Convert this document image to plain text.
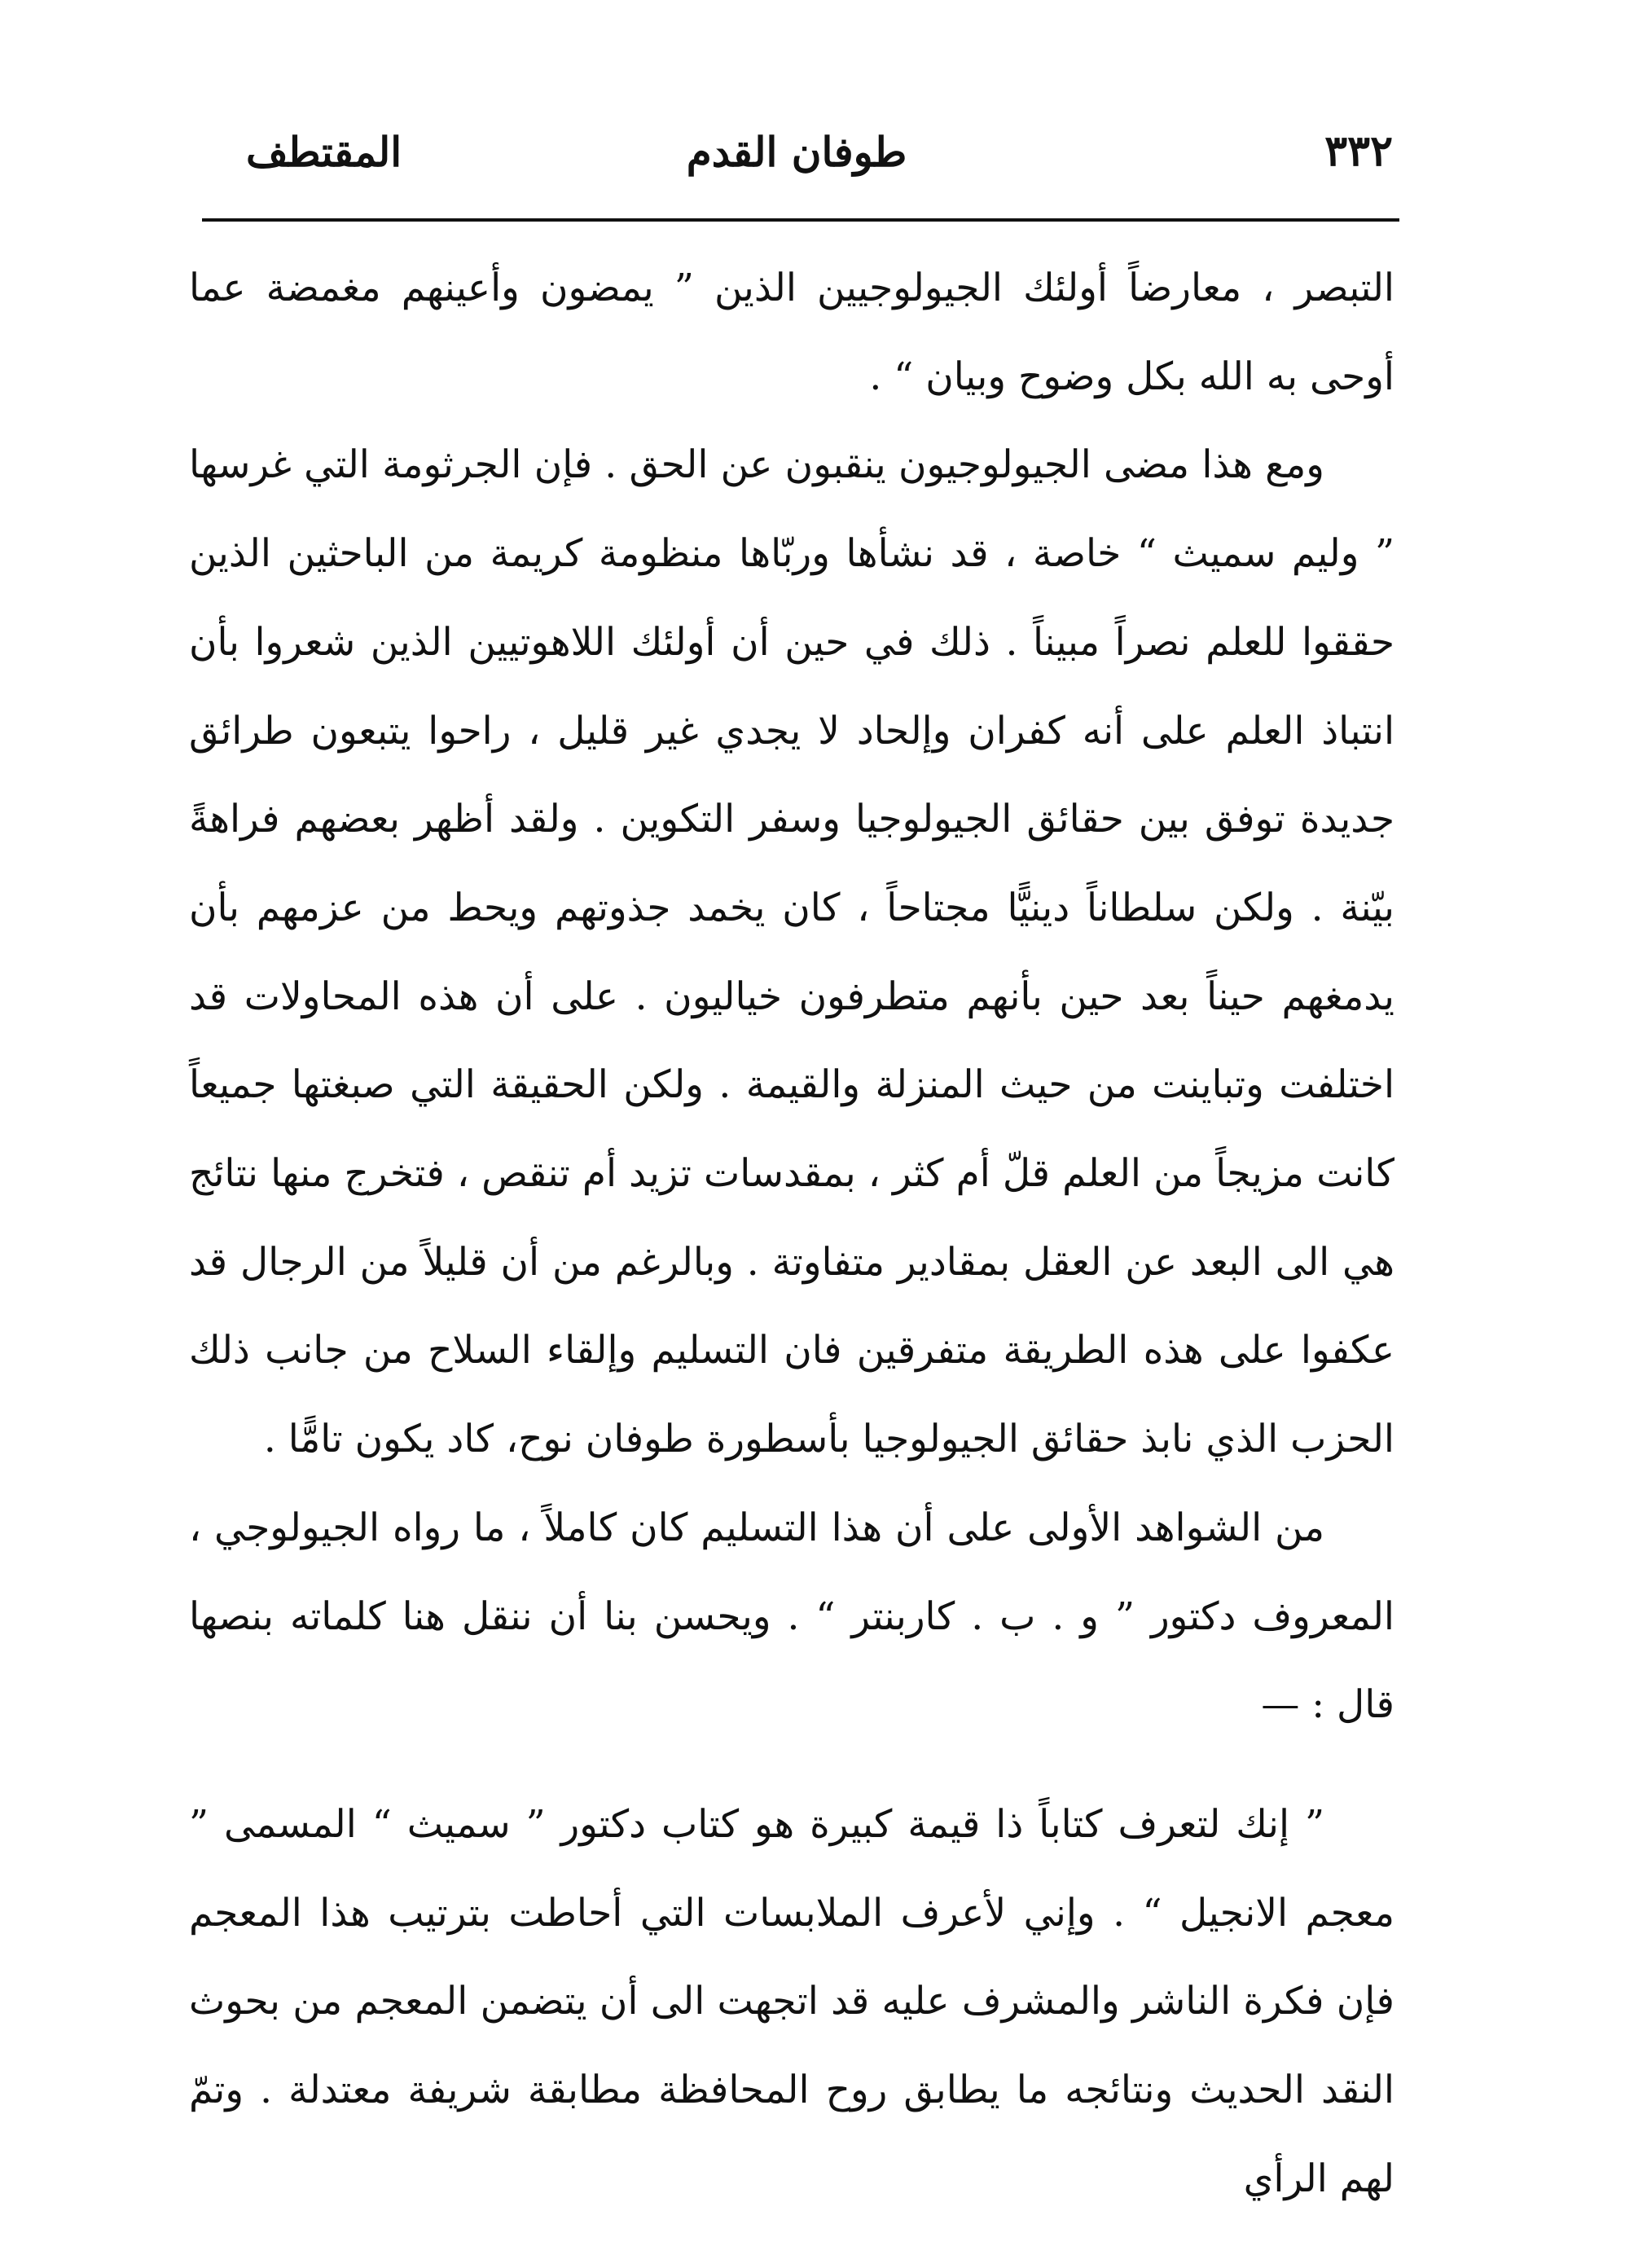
٣٣٢
طوفان القدم
المقتطف

التبصر ، معارضاً أولئك الجيولوجيين الذين ” يمضون وأعينهم مغمضة عما أوحى به الله بكل وضوح وبيان “ .

ومع هذا مضى الجيولوجيون ينقبون عن الحق . فإن الجرثومة التي غرسها ” وليم سميث “ خاصة ، قد نشأها وربّاها منظومة كريمة من الباحثين الذين حققوا للعلم نصراً مبيناً . ذلك في حين أن أولئك اللاهوتيين الذين شعروا بأن انتباذ العلم على أنه كفران وإلحاد لا يجدي غير قليل ، راحوا يتبعون طرائق جديدة توفق بين حقائق الجيولوجيا وسفر التكوين . ولقد أظهر بعضهم فراهةً بيّنة . ولكن سلطاناً دينيًّا مجتاحاً ، كان يخمد جذوتهم ويحط من عزمهم بأن يدمغهم حيناً بعد حين بأنهم متطرفون خياليون . على أن هذه المحاولات قد اختلفت وتباينت من حيث المنزلة والقيمة . ولكن الحقيقة التي صبغتها جميعاً كانت مزيجاً من العلم قلّ أم كثر ، بمقدسات تزيد أم تنقص ، فتخرج منها نتائج هي الى البعد عن العقل بمقادير متفاوتة . وبالرغم من أن قليلاً من الرجال قد عكفوا على هذه الطريقة متفرقين فان التسليم وإلقاء السلاح من جانب ذلك الحزب الذي نابذ حقائق الجيولوجيا بأسطورة طوفان نوح، كاد يكون تامًّا .

من الشواهد الأولى على أن هذا التسليم كان كاملاً ، ما رواه الجيولوجي ، المعروف دكتور ” و . ب . كاربنتر “ . ويحسن بنا أن ننقل هنا كلماته بنصها قال : —

” إنك لتعرف كتاباً ذا قيمة كبيرة هو كتاب دكتور ” سميث “ المسمى ” معجم الانجيل “ . وإني لأعرف الملابسات التي أحاطت بترتيب هذا المعجم فإن فكرة الناشر والمشرف عليه قد اتجهت الى أن يتضمن المعجم من بحوث النقد الحديث ونتائجه ما يطابق روح المحافظة مطابقة شريفة معتدلة . وتمّ لهم الرأي
